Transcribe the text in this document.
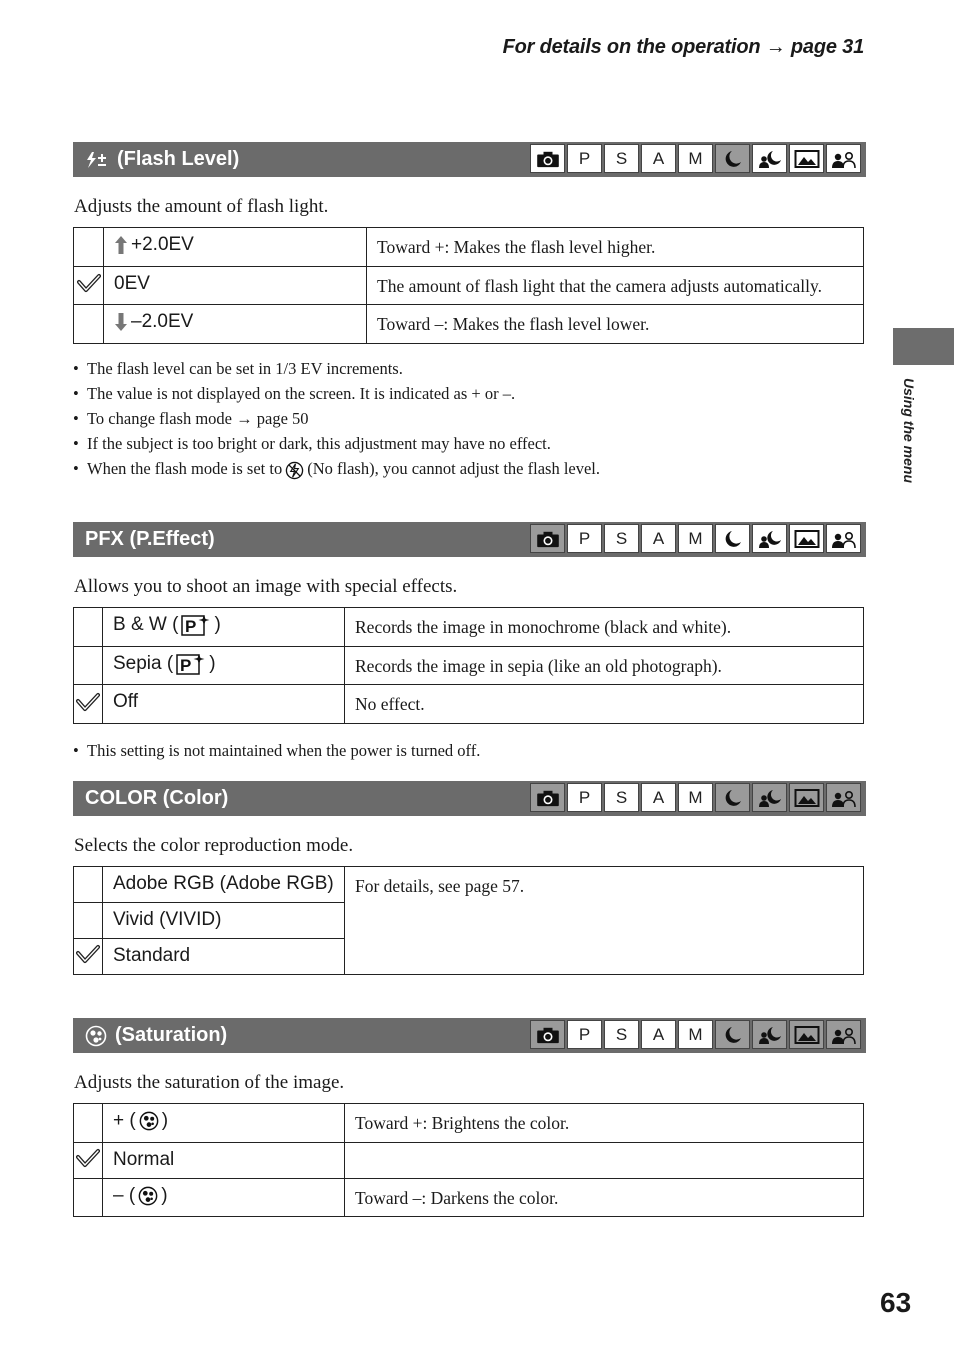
For details on the operation → page 31
Using the menu
(Flash Level)	P	S	A	M
Adjusts the amount of flash light.

	+2.0EV	Toward +: Makes the flash level higher.

	0EV	The amount of flash light that the camera adjusts automatically.

	–2.0EV	Toward –: Makes the flash level lower.
• The flash level can be set in 1/3 EV increments.
• The value is not displayed on the screen. It is indicated as + or –.
• To change flash mode → page 50
• If the subject is too bright or dark, this adjustment may have no effect.
• When the flash mode is set to (No flash), you cannot adjust the flash level.
PFX (P.Effect)	P	S	A	M
Allows you to shoot an image with special effects.

	B & W ( )	Records the image in monochrome (black and white).

	Sepia ( )	Records the image in sepia (like an old photograph).

	Off	No effect.
• This setting is not maintained when the power is turned off.
COLOR (Color)	P	S	A	M
Selects the color reproduction mode.
	Adobe RGB (Adobe RGB)	For details, see page 57.
	Vivid (VIVID)	

	Standard	
(Saturation)	P	S	A	M
Adjusts the saturation of the image.

	+ ( )	Toward +: Brightens the color.

	Normal	

	– ( )	Toward –: Darkens the color.
63
